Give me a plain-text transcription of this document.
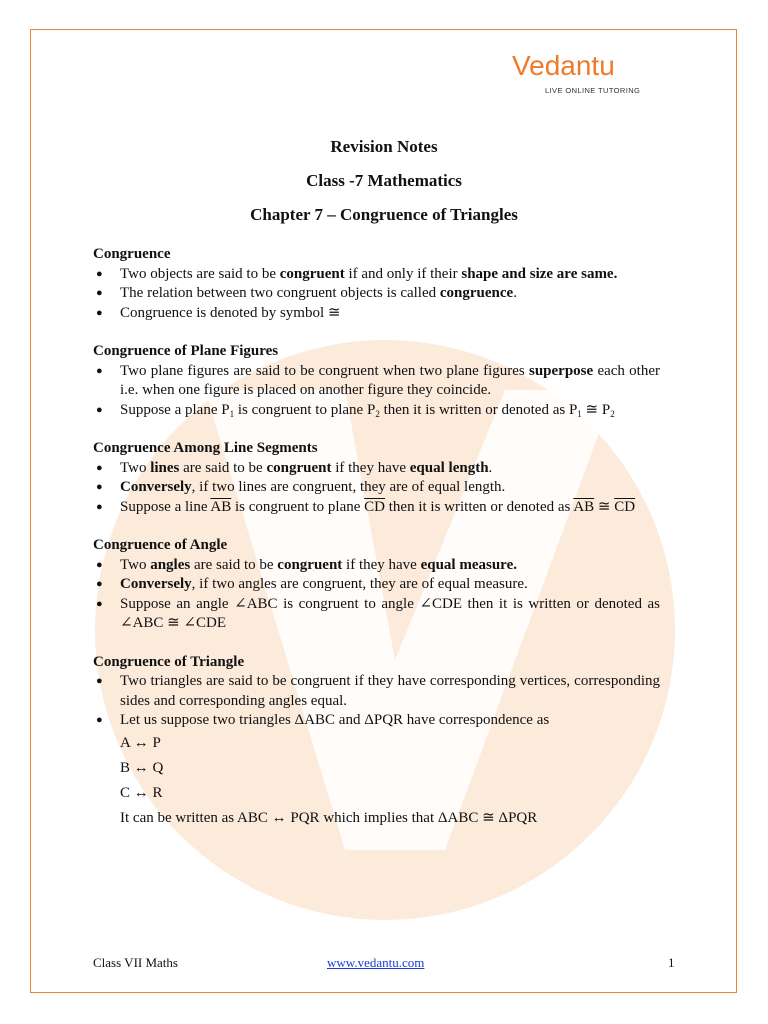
Vedantu
LIVE ONLINE TUTORING
Revision Notes
Class -7 Mathematics
Chapter 7 – Congruence of Triangles
Congruence
● Two objects are said to be congruent if and only if their shape and size are same.
● The relation between two congruent objects is called congruence.
● Congruence is denoted by symbol ≅
Congruence of Plane Figures
● Two plane figures are said to be congruent when two plane figures superpose each other i.e. when one figure is placed on another figure they coincide.
● Suppose a plane $P_1$ is congruent to plane $P_2$ then it is written or denoted as $P_1$ ≅ $P_2$
Congruence Among Line Segments
● Two lines are said to be congruent if they have equal length.
● Conversely, if two lines are congruent, they are of equal length.
● Suppose a line $\overline{AB}$ is congruent to plane $\overline{CD}$ then it is written or denoted as $\overline{AB}$ ≅ $\overline{CD}$
Congruence of Angle
● Two angles are said to be congruent if they have equal measure.
● Conversely, if two angles are congruent, they are of equal measure.
● Suppose an angle ∠ABC is congruent to angle ∠CDE then it is written or denoted as ∠ABC ≅ ∠CDE
Congruence of Triangle
● Two triangles are said to be congruent if they have corresponding vertices, corresponding sides and corresponding angles equal.
● Let us suppose two triangles ΔABC and ΔPQR have correspondence as
A ↔ P
B ↔ Q
C ↔ R
It can be written as ABC ↔ PQR which implies that ΔABC ≅ ΔPQR
Class VII Maths	www.vedantu.com	1
